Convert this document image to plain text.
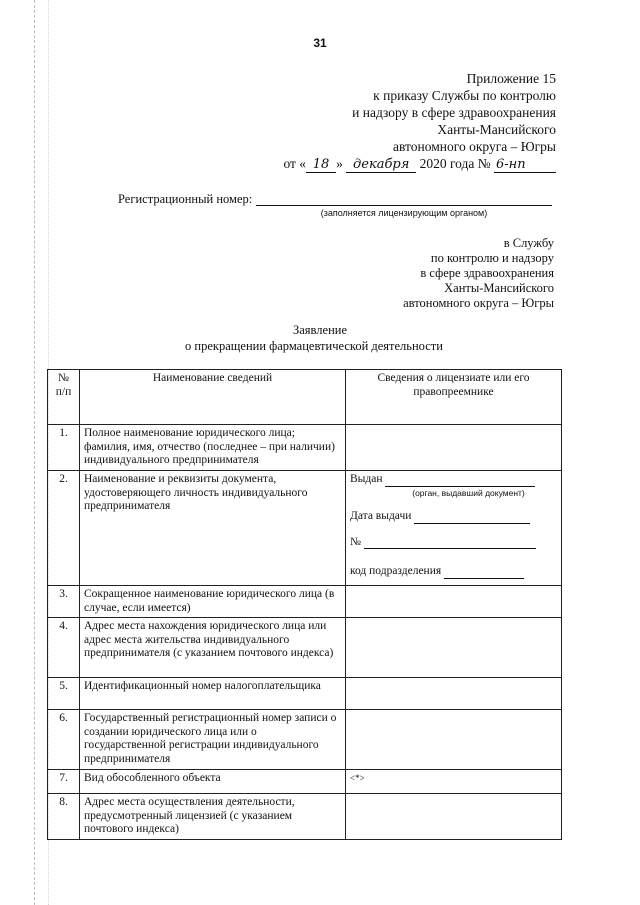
31
Приложение 15
к приказу Службы по контролю
и надзору в сфере здравоохранения
Ханты-Мансийского
автономного округа – Югры
от « 18 » декабря 2020 года № 6-нп
Регистрационный номер:
(заполняется лицензирующим органом)
в Службу
по контролю и надзору
в сфере здравоохранения
Ханты-Мансийского
автономного округа – Югры
Заявление
о прекращении фармацевтической деятельности
№ п/п	Наименование сведений	Сведения о лицензиате или его правопреемнике
1.	Полное наименование юридического лица; фамилия, имя, отчество (последнее – при наличии) индивидуального предпринимателя	
2.	Наименование и реквизиты документа, удостоверяющего личность индивидуального предпринимателя	Выдан
(орган, выдавший документ)
Дата выдачи
№
код подразделения

3.	Сокращенное наименование юридического лица (в случае, если имеется)	
4.	Адрес места нахождения юридического лица или адрес места жительства индивидуального предпринимателя (с указанием почтового индекса)	
5.	Идентификационный номер налогоплательщика	
6.	Государственный регистрационный номер записи о создании юридического лица или о государственной регистрации индивидуального предпринимателя	
7.	Вид обособленного объекта	<*>
8.	Адрес места осуществления деятельности, предусмотренный лицензией (с указанием почтового индекса)	
